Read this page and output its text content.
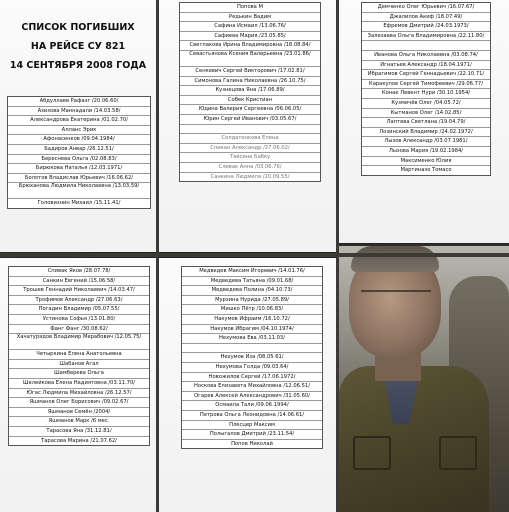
СПИСОК ПОГИБШИХ
НА РЕЙСЕ СУ 821
14 СЕНТЯБРЯ 2008 ГОДА
Абдуллаев Рафаэг /20.06.60/
Азизова Маннадали /14.03.58/
Александрова Екатерина /01.02.70/
Алланс Эрик
Афонасенков /09.04.1984/
Бадиров Анвар /26.12.51/
Береснева Ольга /02.08.83/
Бирюкова Наталья /12.03.1971/
Болотов Владислав Юрьевич /16.06.62/
Брюханова Людмила Николаевна /13.03.59/
Головизнин Михаил /15.11.41/
Попова М
Редькин Вадим
Сафина Исмаил /13.06.76/
Сафиева Мария /23.05.85/
Светлакова Ирина Владимировна /18.08.84/
Севастьянова Ксения Валерьевна /23.01.86/
Сенкевич Сергей Викторович /17.02.81/
Симонова Галина Николаевна /26.10.75/
Кузнецова Яна /17.06.89/
Собек Кристиан
Юдина Валерия Сергеевна /06.06.05/
Юрин Сергей Иванович /03.05.67/
Солдатенкова Елена
Спикан Александр /27.06.02/
Тайсина Бабку
Сливак Анна /03.06.76/
Санкина Людмила /20.09.55/
Демченко Олег Юрьевич /16.07.67/
Джалилов Акиф /18.07.49/
Ефремов Дмитрий /24.03.1973/
Залезаева Ольга Владимировна /22.11.80/
Иванова Ольга Николаевна /03.08.74/
Игнатьев Александр /18.04.1971/
Ибрагимов Сергей Геннадьевич /22.10.71/
Каракулов Сергей Тимофеевич /29.06.77/
Конак Левент Нури /30.10.1954/
Кузмичёв Олег /04.05.72/
Кытманов Олег /14.02.85/
Лаптева Светлана /19.04.79/
Лозинский Владимир /24.02.1972/
Лызов Александр /03.07.1981/
Лызова Мария /19.02.1984/
Максименко Юлия
Мартинаэо Томасо
Спивак Яков /28.07.78/
Санкин Евгений /15.06.58/
Трошев Геннадий Николаевич /14.03.47/
Трофимов Александр /27.06.63/
Погадин Владимир /05.07.55/
Устинова Софья /13.01.80/
Фанг Фанг /30.08.62/
Хачатурядов Владимир Мерабович /12.05.75/
Четыркина Елена Анатольевна
Шабанов Агал
Шамберева Ольга
Шелейкова Елена Надиятовна /03.11.70/
Югас Людмила Михайловна /26.12.57/
Яшманов Олег Борисович /09.02.67/
Яшманов Семён /2004/
Яшманов Марк /6 мес.
Тарасова Яна /31.12.81/
Тарасова Марина /21.07.62/
Медведев Максим Игоревич /14.01.76/
Медведева Татьяна /09.01.68/
Медведева Полина /04.10.73/
Мурзина Нурида /27.05.89/
Мишко Пётр /10.06.83/
Накумов Ифраим /16.10.72/
Накумов Ибрагим /04.10.1974/
Нехумова Ева /03.11.03/
Нехумов Иза /08.05.61/
Нехумова Голда /09.03.64/
Новожилов Сергей /17.06.1972/
Носкова Елизавета Михайловна /12.06.51/
Огарев Алексей Александрович /31.05.60/
Осмаила Тали /09.06.1994/
Петрова Ольга Леонидовна /14.06.61/
Плесцер Максим
Полыгалов Дмитрий /23.11.54/
Попов Николай
